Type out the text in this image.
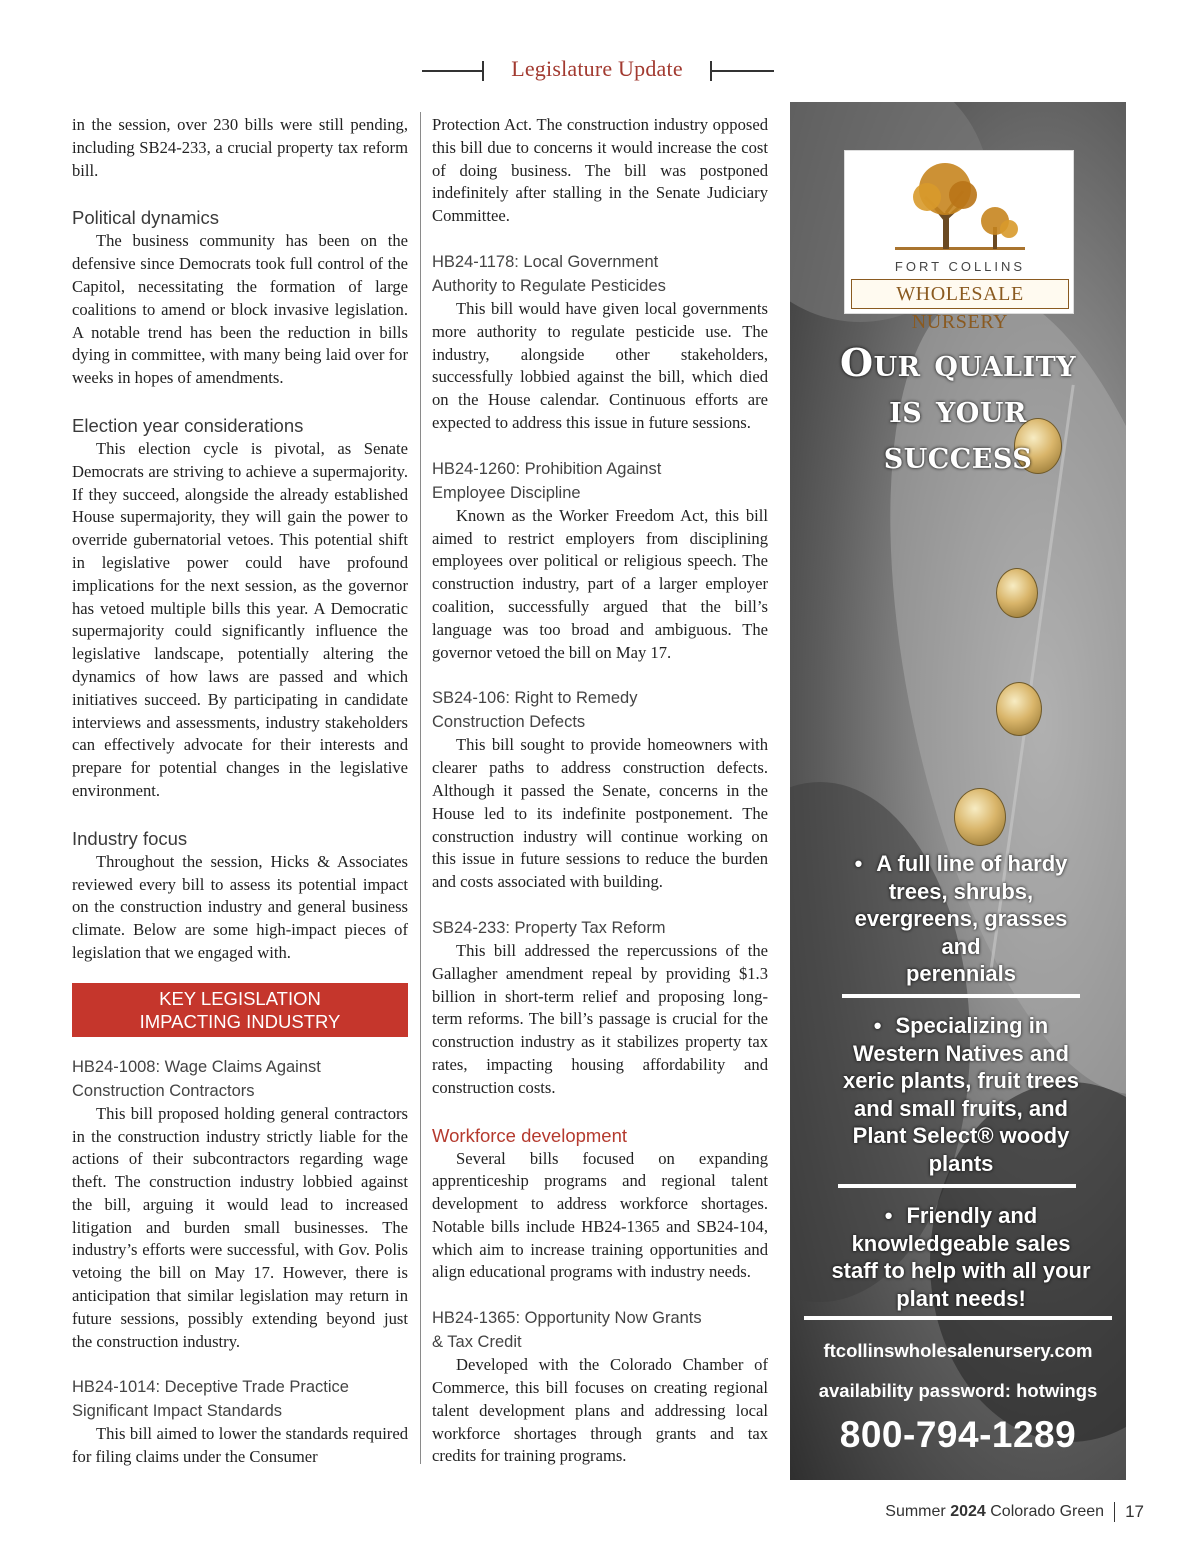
Legislature Update

in the session, over 230 bills were still pending, including SB24-233, a crucial property tax reform bill.

Political dynamics

The business community has been on the defensive since Democrats took full control of the Capitol, necessitating the formation of large coalitions to amend or block invasive legislation. A notable trend has been the reduction in bills dying in committee, with many being laid over for weeks in hopes of amendments.

Election year considerations

This election cycle is pivotal, as Senate Democrats are striving to achieve a supermajority. If they succeed, alongside the already established House supermajority, they will gain the power to override gubernatorial vetoes. This potential shift in legislative power could have profound implications for the next session, as the governor has vetoed multiple bills this year. A Democratic supermajority could significantly influence the legislative landscape, potentially altering the dynamics of how laws are passed and which initiatives succeed. By participating in candidate interviews and assessments, industry stakeholders can effectively advocate for their interests and prepare for potential changes in the legislative environment.

Industry focus

Throughout the session, Hicks & Associates reviewed every bill to assess its potential impact on the construction industry and general business climate. Below are some high-impact pieces of legislation that we engaged with.

KEY LEGISLATION
IMPACTING INDUSTRY
HB24-1008: Wage Claims Against
Construction Contractors

This bill proposed holding general contractors in the construction industry strictly liable for the actions of their subcontractors regarding wage theft. The construction industry lobbied against the bill, arguing it would lead to increased litigation and burden small businesses. The industry’s efforts were successful, with Gov. Polis vetoing the bill on May 17. However, there is anticipation that similar legislation may return in future sessions, possibly extending beyond just the construction industry.

HB24-1014: Deceptive Trade Practice
Significant Impact Standards

This bill aimed to lower the standards required for filing claims under the Consumer

Protection Act. The construction industry opposed this bill due to concerns it would increase the cost of doing business. The bill was postponed indefinitely after stalling in the Senate Judiciary Committee.

HB24-1178: Local Government
Authority to Regulate Pesticides

This bill would have given local governments more authority to regulate pesticide use. The industry, alongside other stakeholders, successfully lobbied against the bill, which died on the House calendar. Continuous efforts are expected to address this issue in future sessions.

HB24-1260: Prohibition Against
Employee Discipline

Known as the Worker Freedom Act, this bill aimed to restrict employers from disciplining employees over political or religious speech. The construction industry, part of a larger employer coalition, successfully argued that the bill’s language was too broad and ambiguous. The governor vetoed the bill on May 17.

SB24-106: Right to Remedy
Construction Defects

This bill sought to provide homeowners with clearer paths to address construction defects. Although it passed the Senate, concerns in the House led to its indefinite postponement. The construction industry will continue working on this issue in future sessions to reduce the burden and costs associated with building.

SB24-233: Property Tax Reform

This bill addressed the repercussions of the Gallagher amendment repeal by providing $1.3 billion in short-term relief and proposing long-term reforms. The bill’s passage is crucial for the construction industry as it stabilizes property tax rates, impacting housing affordability and construction costs.

Workforce development

Several bills focused on expanding apprenticeship programs and regional talent development to address workforce shortages. Notable bills include HB24-1365 and SB24-104, which aim to increase training opportunities and align educational programs with industry needs.

HB24-1365: Opportunity Now Grants
& Tax Credit

Developed with the Colorado Chamber of Commerce, this bill focuses on creating regional talent development plans and addressing local workforce shortages through grants and tax credits for training programs.

FORT COLLINS
WHOLESALE NURSERY
Our quality
is your
success
• A full line of hardy
trees, shrubs,
evergreens, grasses
and
perennials
• Specializing in
Western Natives and
xeric plants, fruit trees
and small fruits, and
Plant Select® woody
plants
• Friendly and
knowledgeable sales
staff to help with all your
plant needs!
ftcollinswholesalenursery.com
availability password: hotwings
800-794-1289
Summer
2024
Colorado Green 17
